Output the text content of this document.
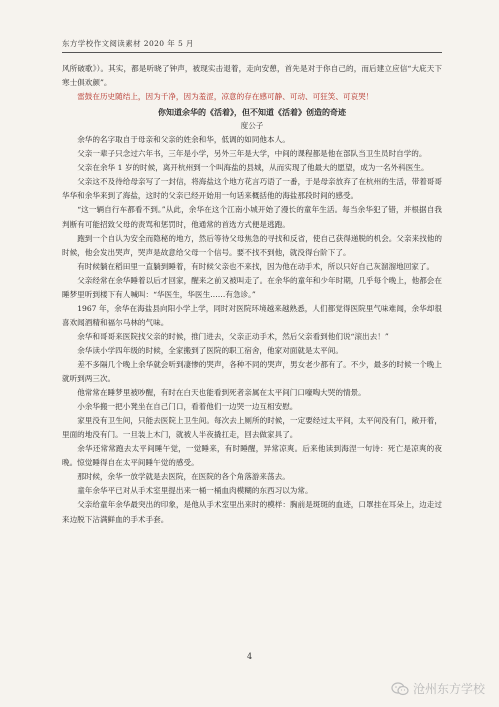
东方学校作文阅读素材 2020 年 5 月

风所破歌》）。其实，都是听晓了钟声，被现实击退着，走向安憩，首先是对于你自己的，而后建立应信“大庇天下寒士俱欢颜”。

雷鼓在历史随结上，因为千净，因为羞涩，凉意的存在感可静、可动、可狂笑、可哀哭！

你知道余华的《活着》，但不知道《活着》创造的奇迹

度公子

余华的名字取自于母亲和父亲的姓余和华，低调的如同他本人。

父亲一辈子只念过六年书，三年是小学，另外三年是大学，中间的课程都是他在部队当卫生员时自学的。

父亲在余华 1 岁的时候，离开杭州到一个叫海盐的县城，从而实现了他最大的愿望，成为一名外科医生。

父亲这不及待给母亲写了一封信，将海盐这个地方花言巧语了一番，于是母亲放弃了在杭州的生活，带着哥哥华华和余华来到了海盐，这时的父亲已经开始用一句话来概括他的海盐那段时间的感受。

“这一辆自行车都看不到。”从此，余华在这个江南小城开始了漫长的童年生活。每当余华犯了错，并根据自我判断有可能招致父母的责骂和惩罚时，他通常的首选方式便是逃跑。

跑到一个自认为安全而隐秘的地方，然后等待父母焦急的寻找和反省，使自己获得递脱的机会。父亲来找他的时候，他会发出哭声，哭声是故意给父母一个信号。要不找不到他，就没得台阶下了。

有时候躺在稻田里一直躺到睡着，有时候父亲也不来找，因为他在动手术，所以只好自己灰溜溜地回家了。

父亲经常在余华睡着以后才回家，醒来之前又被叫走了。在余华的童年和少年时期，几乎每个晚上，他都会在睡梦里听到楼下有人喊叫：“华医生，华医生……有急诊。”

1967 年，余华在海盐县向阳小学上学，同时对医院环境越来越熟悉，人们都觉得医院里气味难闻，余华却很喜欢闻酒精和福尔马林的气味。

余华和哥哥来医院找父亲的时候，推门进去，父亲正动手术，然后父亲看到他们说“滚出去！”

余华读小学四年级的时候，全家搬到了医院的职工宿舍，他家对面就是太平间。

差不多隔几个晚上余华就会听到凄惨的哭声，各种不同的哭声，男女老少都有了。不少，最多的时候一个晚上就听到两三次。

他常常在睡梦里被吵醒，有时在白天也能看到死者亲属在太平间门口嚎啕大哭的情景。

小余华搬一把小凳坐在自己门口，看着他们一边哭一边互相安慰。

家里没有卫生间，只能去医院上卫生间。每次去上厕所的时候，一定要经过太平间，太平间没有门，敞开着，里面的地没有门。一旦装上木门，就被人半夜撬扛走，回去做家具了。

余华还常常跑去太平间睡午觉，一觉睡来，有时睡醒，异常凉爽。后来他读到海涅一句诗：死亡是凉爽的夜晚。惊觉睡得自在太平间睡午觉的感受。

那时候，余华一放学就是去医院，在医院的各个角落游来荡去。

童年余华平已对从手术室里提出来一桶一桶血肉模糊的东西习以为常。

父亲给童年余华最突出的印象，是他从手术室里出来时的模样：胸前是斑斑的血迹，口罩挂在耳朵上，边走过来边脱下沾满鲜血的手术手套。

4
沧州东方学校
